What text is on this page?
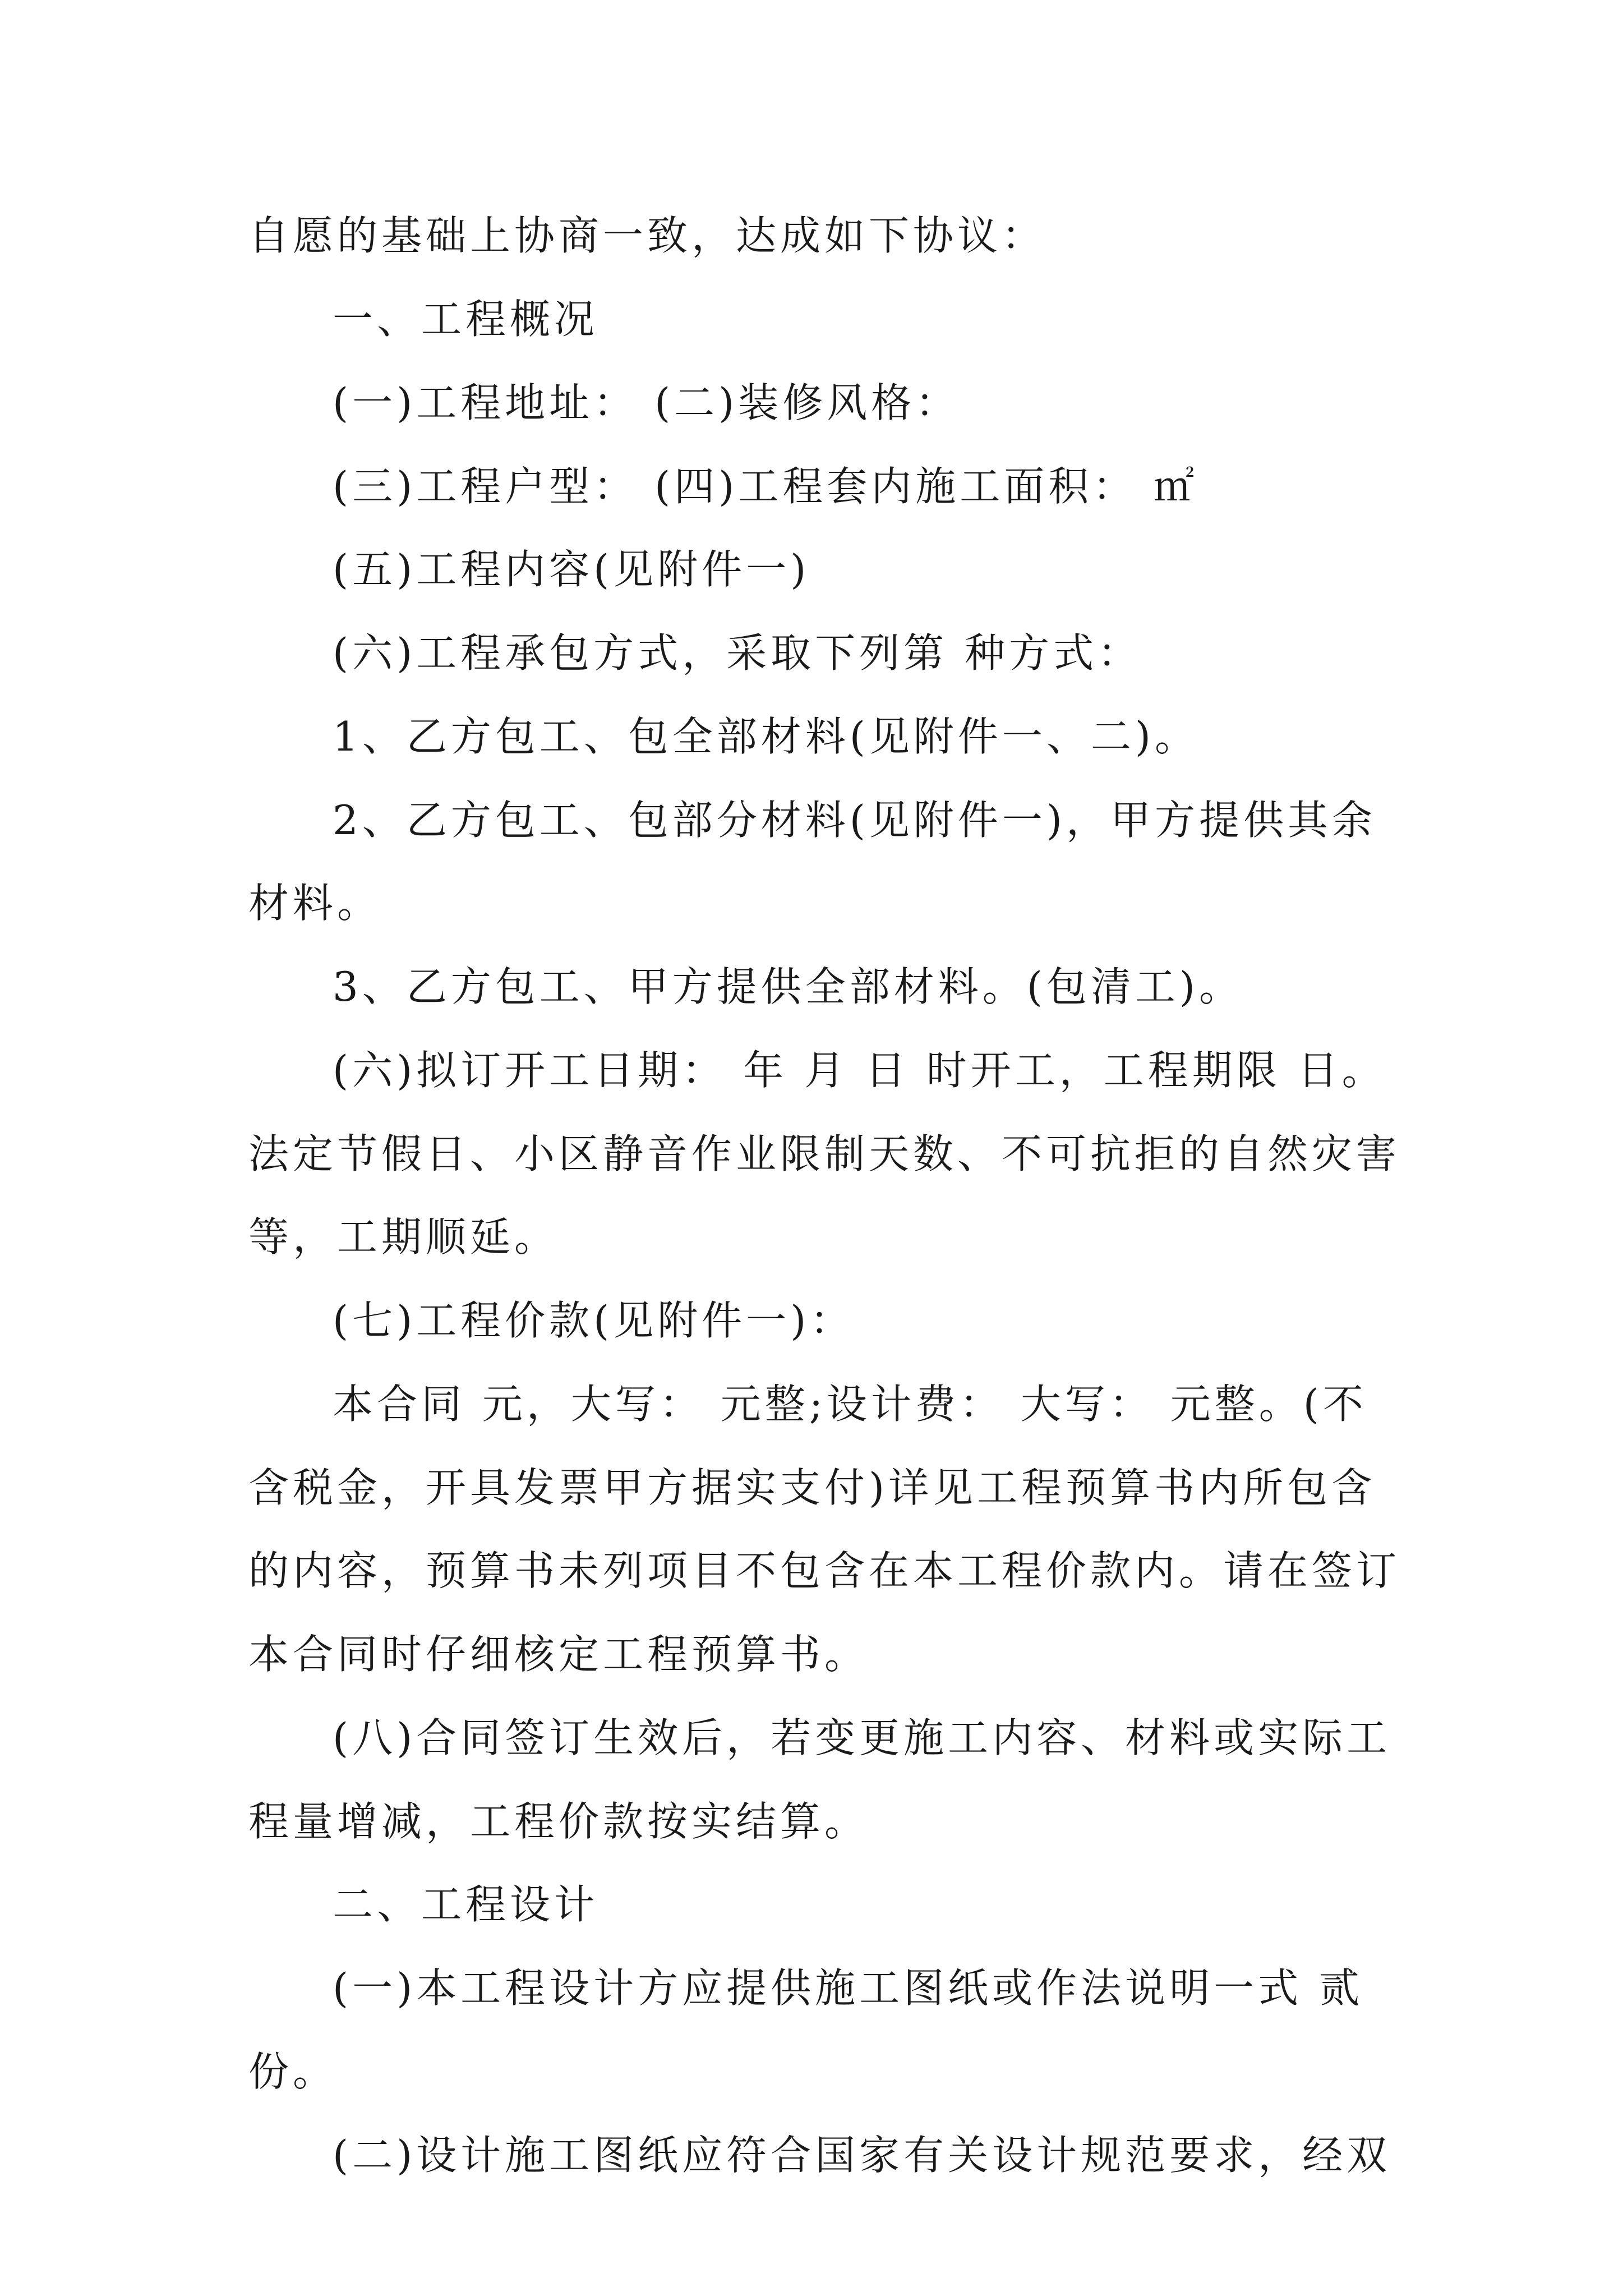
自愿的基础上协商一致，达成如下协议：
一、工程概况
(一)工程地址： (二)装修风格：
(三)工程户型： (四)工程套内施工面积： ㎡
(五)工程内容(见附件一)
(六)工程承包方式，采取下列第 种方式：
1、乙方包工、包全部材料(见附件一、二)。
2、乙方包工、包部分材料(见附件一)，甲方提供其余
材料。
3、乙方包工、甲方提供全部材料。(包清工)。
(六)拟订开工日期： 年 月 日 时开工，工程期限 日。
法定节假日、小区静音作业限制天数、不可抗拒的自然灾害
等，工期顺延。
(七)工程价款(见附件一)：
本合同 元，大写： 元整;设计费： 大写： 元整。(不
含税金，开具发票甲方据实支付)详见工程预算书内所包含
的内容，预算书未列项目不包含在本工程价款内。请在签订
本合同时仔细核定工程预算书。
(八)合同签订生效后，若变更施工内容、材料或实际工
程量增减，工程价款按实结算。
二、工程设计
(一)本工程设计方应提供施工图纸或作法说明一式 贰
份。
(二)设计施工图纸应符合国家有关设计规范要求，经双
